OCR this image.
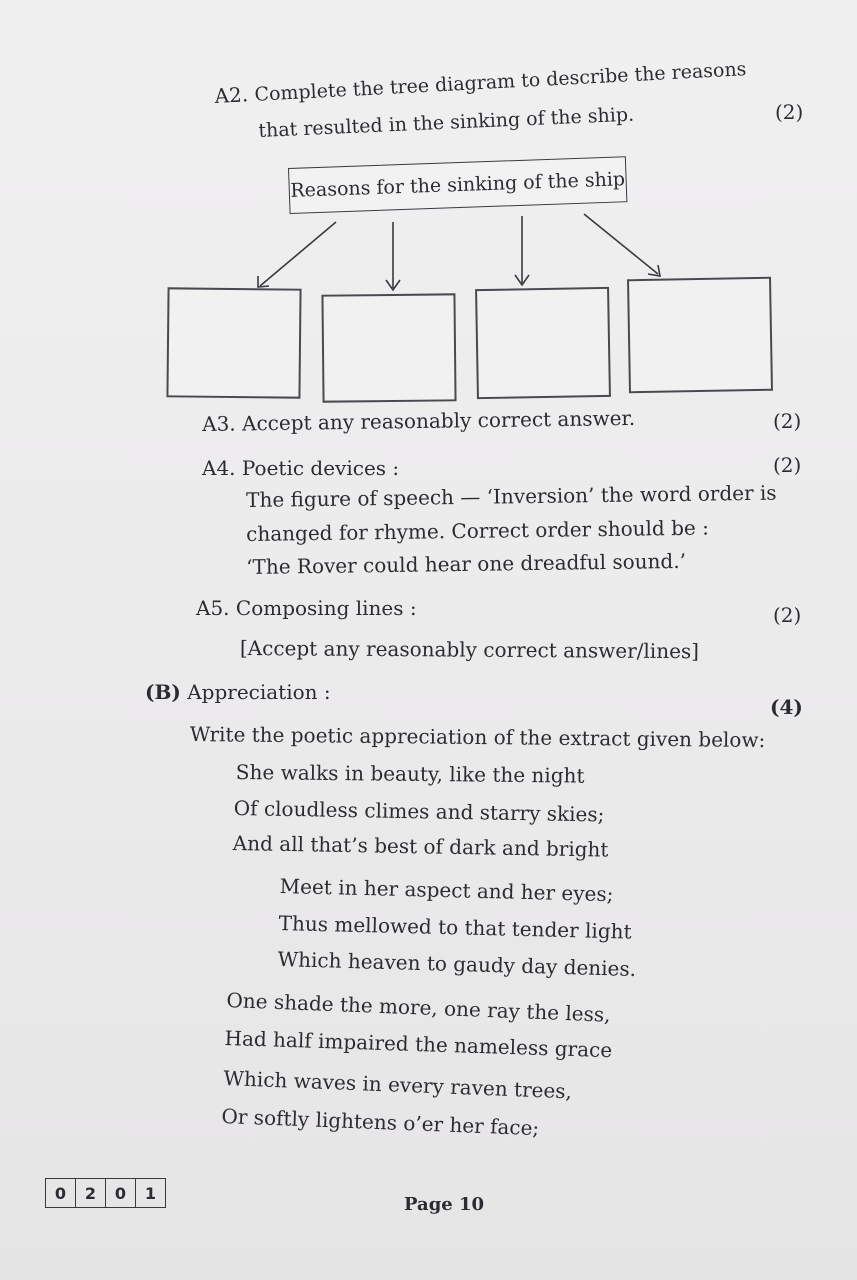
A2. Complete the tree diagram to describe the reasons
that resulted in the sinking of the ship.	(2)
Reasons for the sinking of the ship
A3. Accept any reasonably correct answer.	(2)
A4. Poetic devices :	(2)
The figure of speech — ‘Inversion’ the word order is
changed for rhyme. Correct order should be :
‘The Rover could hear one dreadful sound.’
A5. Composing lines :	(2)
[Accept any reasonably correct answer/lines]
(B) Appreciation :
(4)
Write the poetic appreciation of the extract given below:
She walks in beauty, like the night
Of cloudless climes and starry skies;
And all that’s best of dark and bright
Meet in her aspect and her eyes;
Thus mellowed to that tender light
Which heaven to gaudy day denies.
One shade the more, one ray the less,
Had half impaired the nameless grace
Which waves in every raven trees,
Or softly lightens o’er her face;
0	2	0	1
Page 10
